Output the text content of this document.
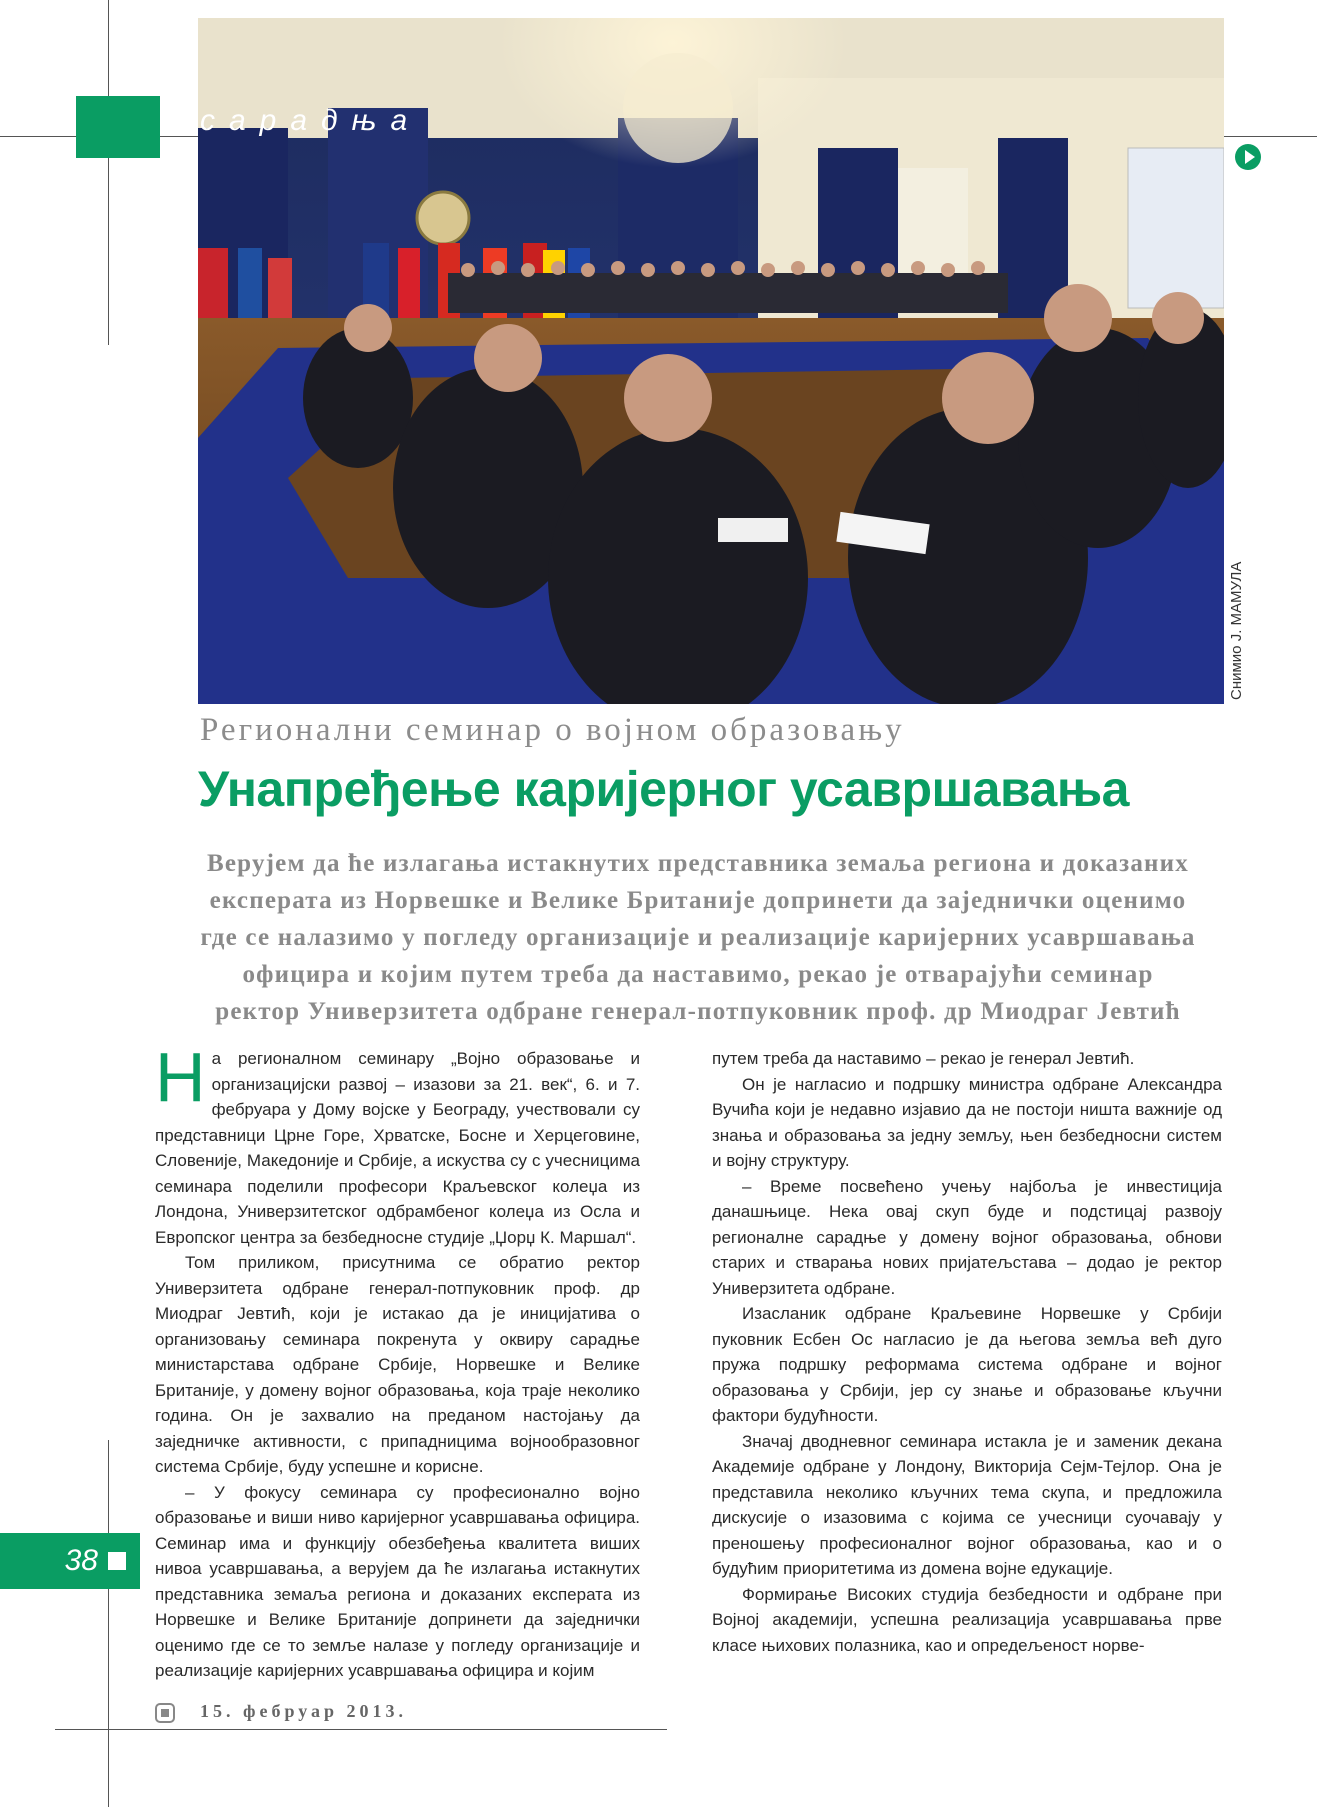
сарадња
Снимио Ј. МАМУЛА
Регионални семинар о војном образовању
Унапређење каријерног усавршавања
Верујем да ће излагања истакнутих представника земаља региона и доказаних експерата из Норвешке и Велике Британије допринети да заједнички оценимо где се налазимо у погледу организације и реализације каријерних усавршавања официра и којим путем треба да наставимо, рекао је отварајући семинар ректор Универзитета одбране генерал-потпуковник проф. др Миодраг Јевтић

На регионалном семинару „Војно образовање и организацијски развој – изазови за 21. век“, 6. и 7. фебруара у Дому војске у Београду, учествовали су представници Црне Горе, Хрватске, Босне и Херцеговине, Словеније, Македоније и Србије, а искуства су с учесницима семинара поделили професори Краљевског колеџа из Лондона, Универзитетског одбрамбеног колеџа из Осла и Европског центра за безбедносне студије „Џорџ К. Маршал“.

Том приликом, присутнима се обратио ректор Универзитета одбране генерал-потпуковник проф. др Миодраг Јевтић, који је истакао да је иницијатива о организовању семинара покренута у оквиру сарадње министарстава одбране Србије, Норвешке и Велике Британије, у домену војног образовања, која траје неколико година. Он је захвалио на преданом настојању да заједничке активности, с припадницима војнообразовног система Србије, буду успешне и корисне.

– У фокусу семинара су професионално војно образовање и виши ниво каријерног усавршавања официра. Семинар има и функцију обезбеђења квалитета виших нивоа усавршавања, а верујем да ће излагања истакнутих представника земаља региона и доказаних експерата из Норвешке и Велике Британије допринети да заједнички оценимо где се то земље налазе у погледу организације и реализације каријерних усавршавања официра и којим

путем треба да наставимо – рекао је генерал Јевтић.

Он је нагласио и подршку министра одбране Александра Вучића који је недавно изјавио да не постоји ништа важније од знања и образовања за једну земљу, њен безбедносни систем и војну структуру.

– Време посвећено учењу најбоља је инвестиција данашњице. Нека овај скуп буде и подстицај развоју регионалне сарадње у домену војног образовања, обнови старих и стварања нових пријатељстава – додао је ректор Универзитета одбране.

Изасланик одбране Краљевине Норвешке у Србији пуковник Есбен Ос нагласио је да његова земља већ дуго пружа подршку реформама система одбране и војног образовања у Србији, јер су знање и образовање кључни фактори будућности.

Значај дводневног семинара истакла је и заменик декана Академије одбране у Лондону, Викторија Сејм-Тејлор. Она је представила неколико кључних тема скупа, и предложила дискусије о изазовима с којима се учесници суочавају у преношењу професионалног војног образовања, као и о будућим приоритетима из домена војне едукације.

Формирање Високих студија безбедности и одбране при Војној академији, успешна реализација усавршавања прве класе њихових полазника, као и опредељеност норве-

38
15. фебруар 2013.
